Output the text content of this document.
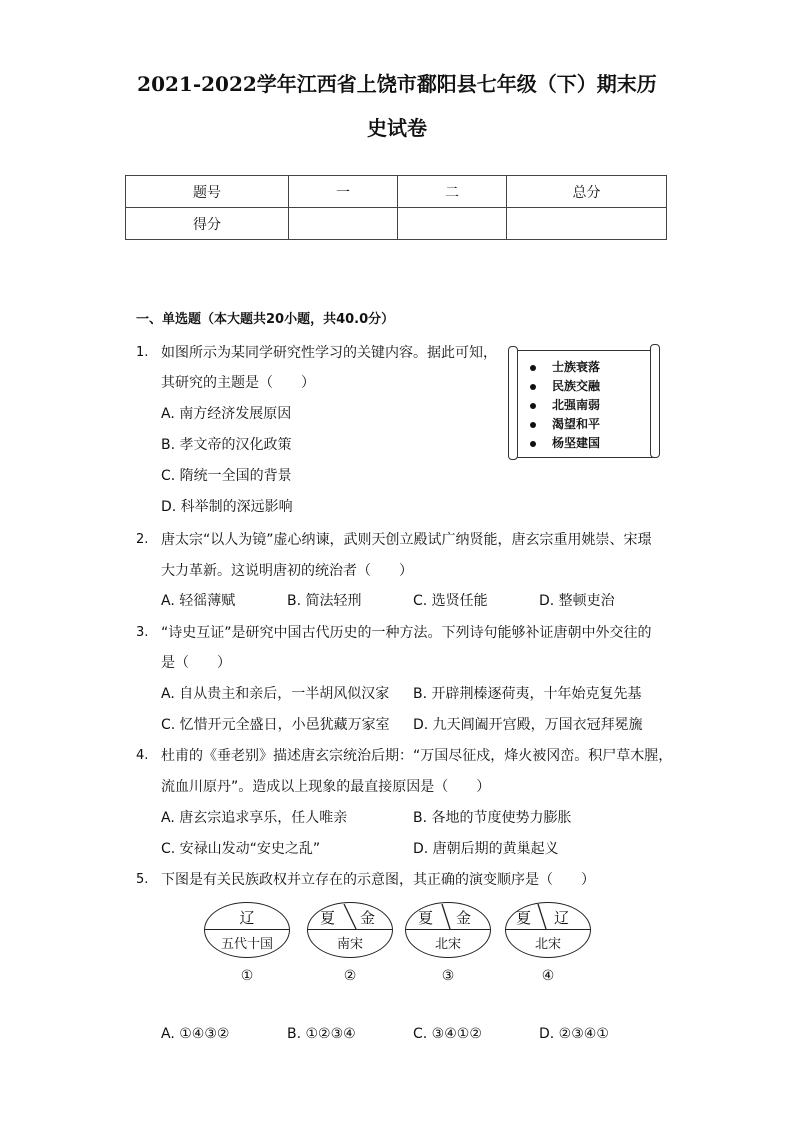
2021-2022学年江西省上饶市鄱阳县七年级（下）期末历
史试卷
题号	一	二	总分
得分			
一、单选题（本大题共20小题，共40.0分）
1. 如图所示为某同学研究性学习的关键内容。据此可知，
其研究的主题是（　　）
A. 南方经济发展原因
B. 孝文帝的汉化政策
C. 隋统一全国的背景
D. 科举制的深远影响
士族衰落
民族交融
北强南弱
渴望和平
杨坚建国
2. 唐太宗“以人为镜”虚心纳谏，武则天创立殿试广纳贤能，唐玄宗重用姚崇、宋璟
大力革新。这说明唐初的统治者（　　）
A. 轻徭薄赋	B. 简法轻刑	C. 选贤任能	D. 整顿吏治
3. “诗史互证”是研究中国古代历史的一种方法。下列诗句能够补证唐朝中外交往的
是（　　）
A. 自从贵主和亲后，一半胡风似汉家 B. 开辟荆榛逐荷夷，十年始克复先基
C. 忆惜开元全盛日，小邑犹藏万家室 D. 九天阊阖开宫殿，万国衣冠拜冕旒
4. 杜甫的《垂老别》描述唐玄宗统治后期：“万国尽征戍，烽火被冈峦。积尸草木腥，
流血川原丹”。造成以上现象的最直接原因是（　　）
A. 唐玄宗追求享乐，任人唯亲	B. 各地的节度使势力膨胀
C. 安禄山发动“安史之乱”	D. 唐朝后期的黄巢起义
5. 下图是有关民族政权并立存在的示意图，其正确的演变顺序是（　　）
辽
五代十国
①
夏 金
南宋
②
夏 金
北宋
③
夏 辽
北宋
④
A. ①④③②	B. ①②③④	C. ③④①②	D. ②③④①
